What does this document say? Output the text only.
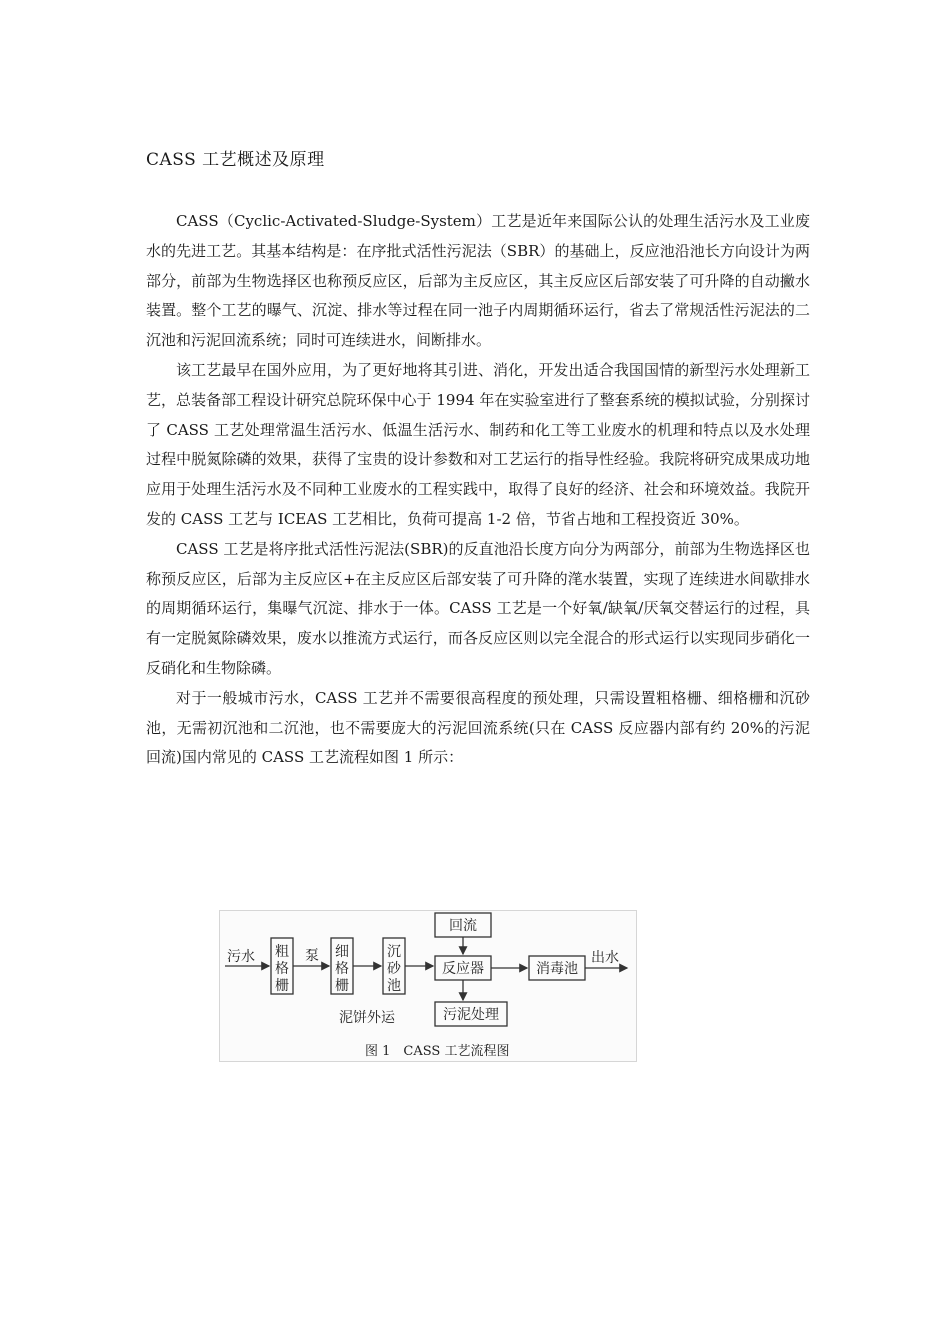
CASS 工艺概述及原理

CASS（Cyclic-Activated-Sludge-System）工艺是近年来国际公认的处理生活污水及工业废水的先进工艺。其基本结构是：在序批式活性污泥法（SBR）的基础上，反应池沿池长方向设计为两部分，前部为生物选择区也称预反应区，后部为主反应区，其主反应区后部安装了可升降的自动撇水装置。整个工艺的曝气、沉淀、排水等过程在同一池子内周期循环运行，省去了常规活性污泥法的二沉池和污泥回流系统；同时可连续进水，间断排水。

该工艺最早在国外应用，为了更好地将其引进、消化，开发出适合我国国情的新型污水处理新工艺，总装备部工程设计研究总院环保中心于 1994 年在实验室进行了整套系统的模拟试验，分别探讨了 CASS 工艺处理常温生活污水、低温生活污水、制药和化工等工业废水的机理和特点以及水处理过程中脱氮除磷的效果，获得了宝贵的设计参数和对工艺运行的指导性经验。我院将研究成果成功地应用于处理生活污水及不同种工业废水的工程实践中，取得了良好的经济、社会和环境效益。我院开发的 CASS 工艺与 ICEAS 工艺相比，负荷可提高 1-2 倍，节省占地和工程投资近 30%。

CASS 工艺是将序批式活性污泥法(SBR)的反直池沿长度方向分为两部分，前部为生物选择区也称预反应区，后部为主反应区+在主反应区后部安装了可升降的滗水装置，实现了连续进水间歇排水的周期循环运行，集曝气沉淀、排水于一体。CASS 工艺是一个好氧/缺氧/厌氧交替运行的过程，具有一定脱氮除磷效果，废水以推流方式运行，而各反应区则以完全混合的形式运行以实现同步硝化一反硝化和生物除磷。

对于一般城市污水，CASS 工艺并不需要很高程度的预处理，只需设置粗格栅、细格栅和沉砂池，无需初沉池和二沉池，也不需要庞大的污泥回流系统(只在 CASS 反应器内部有约 20%的污泥回流)国内常见的 CASS 工艺流程如图 1 所示：

污水 粗 格 栅
泵 细 格 栅
沉 砂 池
回流
反应器
污泥处理
泥饼外运
消毒池
出水
图 1　CASS 工艺流程图
